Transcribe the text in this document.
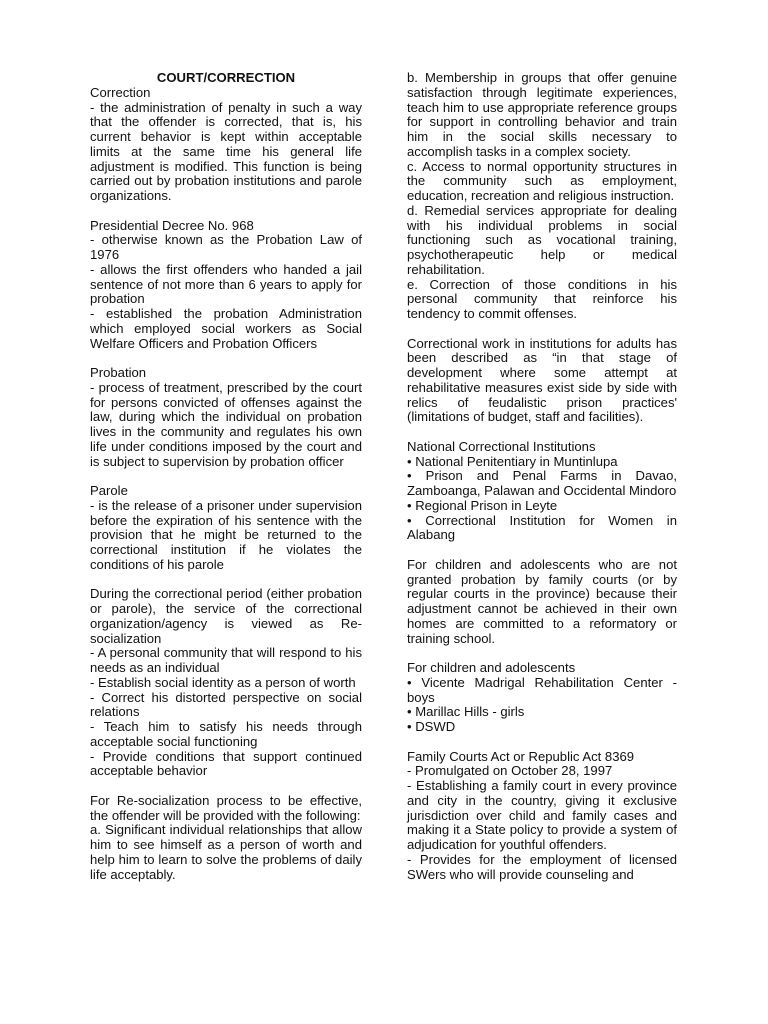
COURT/CORRECTION

Correction

- the administration of penalty in such a way that the offender is corrected, that is, his current behavior is kept within acceptable limits at the same time his general life adjustment is modified. This function is being carried out by probation institutions and parole organizations.

Presidential Decree No. 968

- otherwise known as the Probation Law of 1976

- allows the first offenders who handed a jail sentence of not more than 6 years to apply for probation

- established the probation Administration which employed social workers as Social Welfare Officers and Probation Officers

Probation

- process of treatment, prescribed by the court for persons convicted of offenses against the law, during which the individual on probation lives in the community and regulates his own life under conditions imposed by the court and is subject to supervision by probation officer

Parole

- is the release of a prisoner under supervision before the expiration of his sentence with the provision that he might be returned to the correctional institution if he violates the conditions of his parole

During the correctional period (either probation or parole), the service of the correctional organization/agency is viewed as Re-socialization

- A personal community that will respond to his needs as an individual

- Establish social identity as a person of worth

- Correct his distorted perspective on social relations

- Teach him to satisfy his needs through acceptable social functioning

- Provide conditions that support continued acceptable behavior

For Re-socialization process to be effective, the offender will be provided with the following:

a. Significant individual relationships that allow him to see himself as a person of worth and help him to learn to solve the problems of daily life acceptably.

b. Membership in groups that offer genuine satisfaction through legitimate experiences, teach him to use appropriate reference groups for support in controlling behavior and train him in the social skills necessary to accomplish tasks in a complex society.

c. Access to normal opportunity structures in the community such as employment, education, recreation and religious instruction.

d. Remedial services appropriate for dealing with his individual problems in social functioning such as vocational training, psychotherapeutic help or medical rehabilitation.

e. Correction of those conditions in his personal community that reinforce his tendency to commit offenses.

Correctional work in institutions for adults has been described as “in that stage of development where some attempt at rehabilitative measures exist side by side with relics of feudalistic prison practices' (limitations of budget, staff and facilities).

National Correctional Institutions

• National Penitentiary in Muntinlupa

• Prison and Penal Farms in Davao, Zamboanga, Palawan and Occidental Mindoro

• Regional Prison in Leyte

• Correctional Institution for Women in Alabang

For children and adolescents who are not granted probation by family courts (or by regular courts in the province) because their adjustment cannot be achieved in their own homes are committed to a reformatory or training school.

For children and adolescents

• Vicente Madrigal Rehabilitation Center - boys

• Marillac Hills - girls

• DSWD

Family Courts Act or Republic Act 8369

- Promulgated on October 28, 1997

- Establishing a family court in every province and city in the country, giving it exclusive jurisdiction over child and family cases and making it a State policy to provide a system of adjudication for youthful offenders.

- Provides for the employment of licensed SWers who will provide counseling and
